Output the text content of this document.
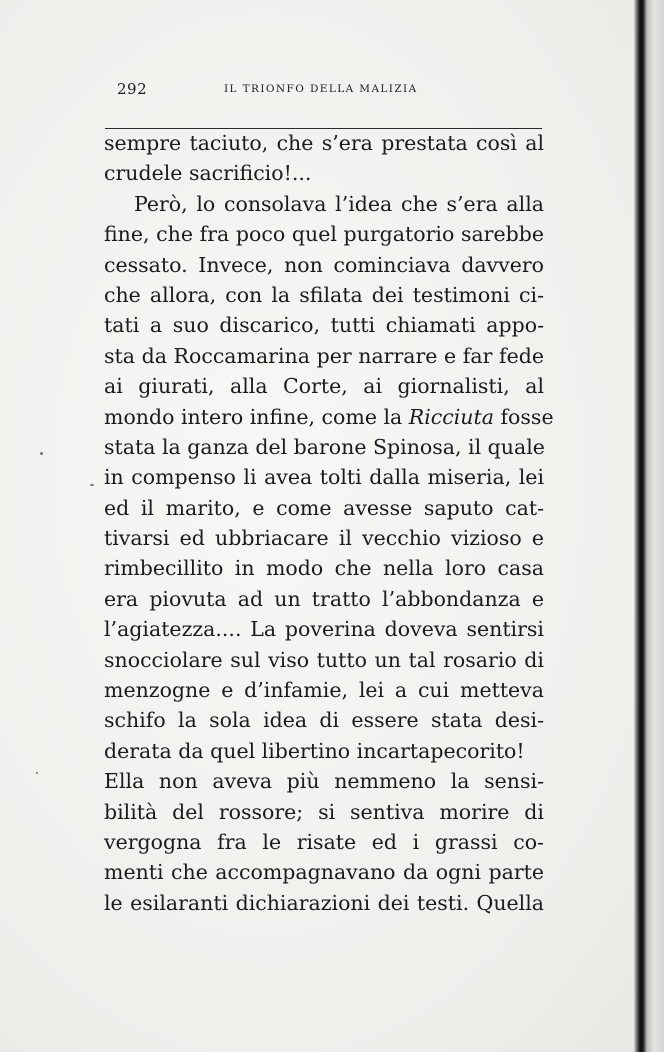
292	IL TRIONFO DELLA MALIZIA
sempre taciuto, che s’era prestata così al
crudele sacrificio!...
Però, lo consolava l’idea che s’era alla
fine, che fra poco quel purgatorio sarebbe
cessato. Invece, non cominciava davvero
che allora, con la sfilata dei testimoni ci-
tati a suo discarico, tutti chiamati appo-
sta da Roccamarina per narrare e far fede
ai giurati, alla Corte, ai giornalisti, al
mondo intero infine, come la Ricciuta fosse
stata la ganza del barone Spinosa, il quale
in compenso li avea tolti dalla miseria, lei
ed il marito, e come avesse saputo cat-
tivarsi ed ubbriacare il vecchio vizioso e
rimbecillito in modo che nella loro casa
era piovuta ad un tratto l’abbondanza e
l’agiatezza.... La poverina doveva sentirsi
snocciolare sul viso tutto un tal rosario di
menzogne e d’infamie, lei a cui metteva
schifo la sola idea di essere stata desi-
derata da quel libertino incartapecorito!
Ella non aveva più nemmeno la sensi-
bilità del rossore; si sentiva morire di
vergogna fra le risate ed i grassi co-
menti che accompagnavano da ogni parte
le esilaranti dichiarazioni dei testi. Quella
